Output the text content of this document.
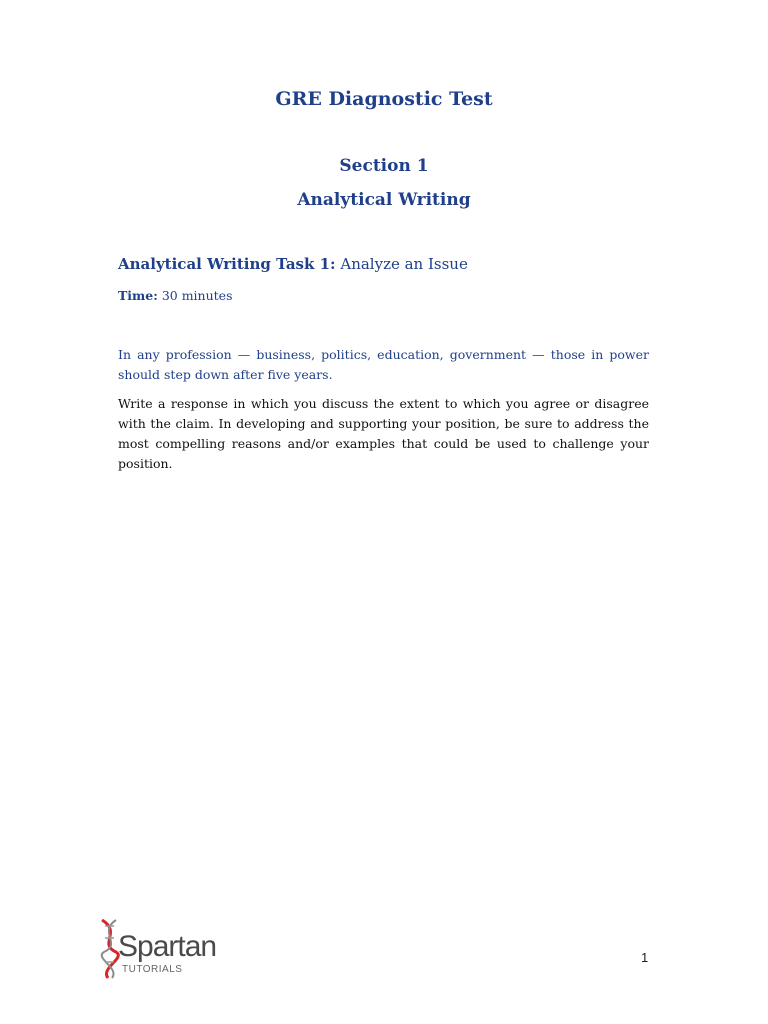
GRE Diagnostic Test
Section 1
Analytical Writing
Analytical Writing Task 1: Analyze an Issue
Time: 30 minutes
In any profession — business, politics, education, government — those in power should step down after five years.
Write a response in which you discuss the extent to which you agree or disagree with the claim. In developing and supporting your position, be sure to address the most compelling reasons and/or examples that could be used to challenge your position.
Spartan
TUTORIALS
1
